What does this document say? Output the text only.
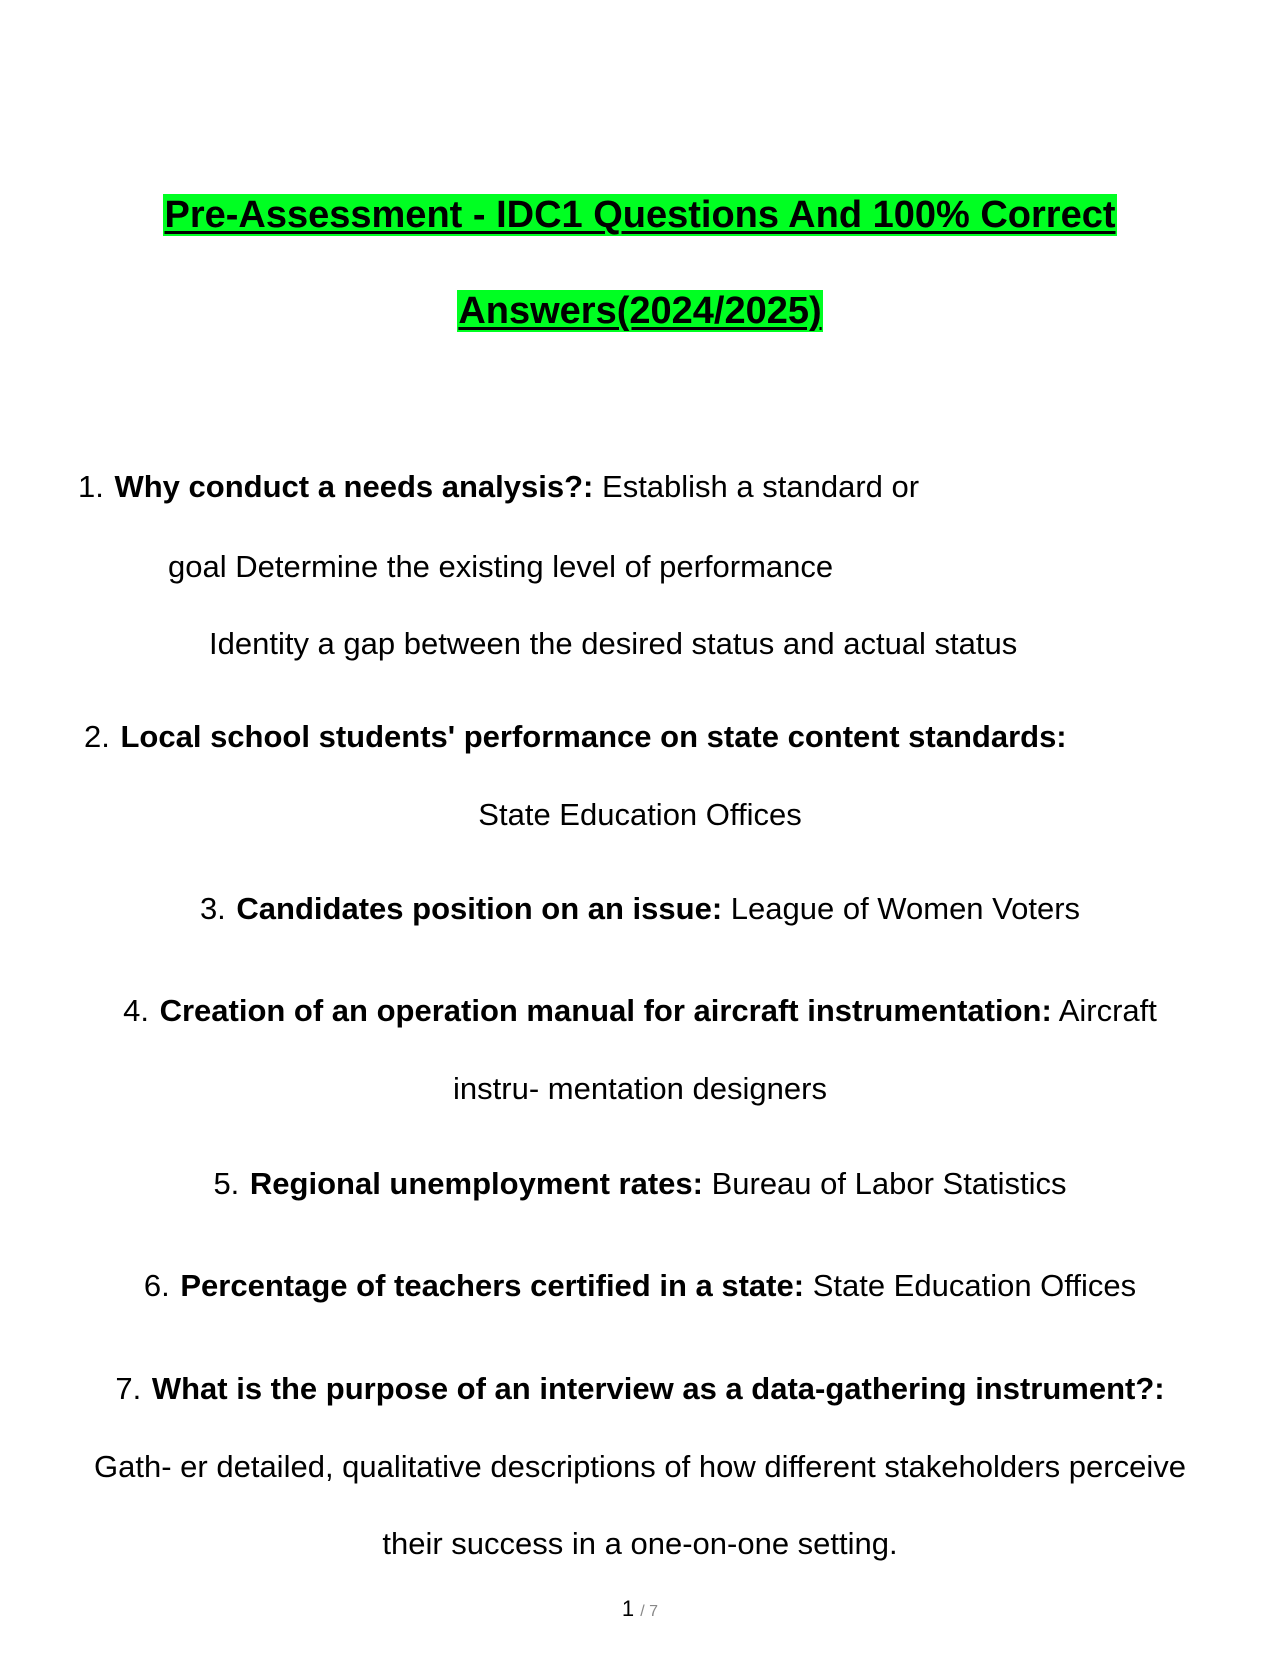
Pre-Assessment - IDC1 Questions And 100% Correct
Answers(2024/2025)
1. Why conduct a needs analysis?: Establish a standard or
goal Determine the existing level of performance
Identity a gap between the desired status and actual status
2. Local school students' performance on state content standards:
State Education Offices
3. Candidates position on an issue: League of Women Voters
4. Creation of an operation manual for aircraft instrumentation: Aircraft
instru- mentation designers
5. Regional unemployment rates: Bureau of Labor Statistics
6. Percentage of teachers certified in a state: State Education Offices
7. What is the purpose of an interview as a data-gathering instrument?:
Gath- er detailed, qualitative descriptions of how different stakeholders perceive
their success in a one-on-one setting.
1 / 7
